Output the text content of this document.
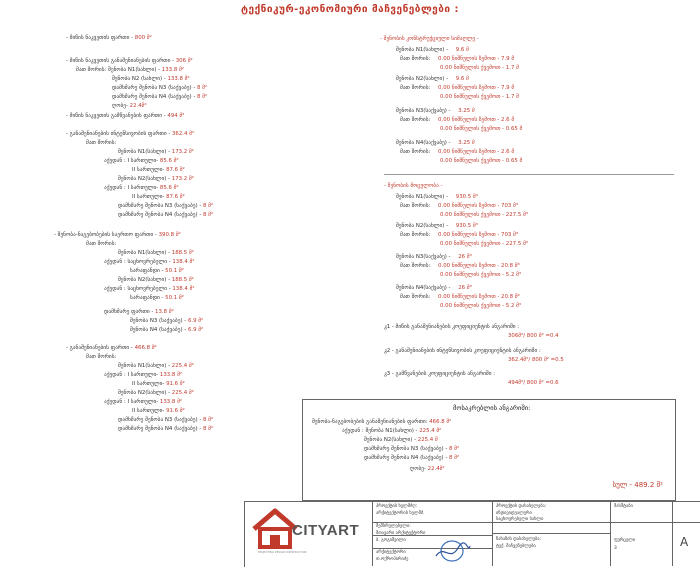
ტექნიკურ-ეკონომიური მაჩვენებლები :
- მიწის ნაკვეთის ფართი - 800 მ²
- მიწის ნაკვეთის განაშენიანების ფართი - 306 მ²
მათ შორის: შენობა N1(სახლი) - 133.8 მ²
შენობა N2 (სახლი) - 133.8 მ²
დამხმარე შენობა N3 (საქვაბე) - 8 მ²
დამხმარე შენობა N4 (საქვაბე) - 8 მ²
ღობე- 22.4მ²
- მიწის ნაკვეთის გამწვანების ფართი - 494 მ²
- განაშენიანების ინტენსივობის ფართი - 362.4 მ²
მათ შორის:
შენობა N1(სახლი) - 173.2 მ²
აქედან : I სართული- 85.6 მ²
II სართული- 87.6 მ²
შენობა N2(სახლი) - 173.2 მ²
აქედან : I სართული- 85.6 მ²
II სართული- 87.6 მ²
დამხმარე შენობა N3 (საქვაბე) - 8 მ²
დამხმარე შენობა N4 (საქვაბე) - 8 მ²
- შენობა-ნაგებობების საერთო ფართი - 390.8 მ²
მათ შორის:
შენობა N1(სახლი) - 188.5 მ²
აქედან : საცხოვრებელი - 138.4 მ²
სარაფანდი - 50.1 მ²
შენობა N2(სახლი) - 188.5 მ²
აქედან : საცხოვრებელი - 138.4 მ²
სარაფანდი - 50.1 მ²
დამხმარე ფართი - 13.8 მ²
შენობა N3 (საქვაბე) - 6.9 მ²
შენობა N4 (საქვაბე) - 6.9 მ²
- განაშენიანების ფართი - 466.8 მ²
მათ შორის:
შენობა N1(სახლი) - 225.4 მ²
აქედან : I სართული- 133.8 მ²
II სართული- 91.6 მ²
შენობა N2(სახლი) - 225.4 მ²
აქედან : I სართული- 133.8 მ²
II სართული- 91.6 მ²
დამხმარე შენობა N3 (საქვაბე) - 8 მ²
დამხმარე შენობა N4 (საქვაბე) - 8 მ²
- შენობის კონსტრუქციული სიმაღლე -
შენობა N1(სახლი) - 9.6 მ
მათ შორის: 0.00 ნიშნულის ზემოთ - 7.9 მ
0.00 ნიშნულის ქვემოთ - 1.7 მ
შენობა N2(სახლი) - 9.6 მ
მათ შორის: 0.00 ნიშნულის ზემოთ - 7.9 მ
0.00 ნიშნულის ქვემოთ - 1.7 მ
შენობა N3(საქვაბე) - 3.25 მ
მათ შორის: 0.00 ნიშნულის ზემოთ - 2.6 მ
0.00 ნიშნულის ქვემოთ - 0.65 მ
შენობა N4(საქვაბე) - 3.25 მ
მათ შორის: 0.00 ნიშნულის ზემოთ - 2.6 მ
0.00 ნიშნულის ქვემოთ - 0.65 მ
- შენობის მოცულობა -
შენობა N1(სახლი) - 930.5 მ³
მათ შორის: 0.00 ნიშნულის ზემოთ - 703 მ³
0.00 ნიშნულის ქვემოთ - 227.5 მ³
შენობა N2(სახლი) - 930.5 მ³
მათ შორის: 0.00 ნიშნულის ზემოთ - 703 მ³
0.00 ნიშნულის ქვემოთ - 227.5 მ³
შენობა N3(საქვაბე) - 26 მ³
მათ შორის: 0.00 ნიშნულის ზემოთ - 20.8 მ³
0.00 ნიშნულის ქვემოთ - 5.2 მ³
შენობა N4(საქვაბე) - 26 მ³
მათ შორის: 0.00 ნიშნულის ზემოთ - 20.8 მ³
0.00 ნიშნულის ქვემოთ - 5.2 მ³
კ1 - მიწის განაშენიანების კოეფიციენტის ანგარიში :
306მ²/ 800 მ² =0.4
კ2 - განაშენიანების ინტენსივობის კოეფიციენტის ანგარიში :
362.4მ²/ 800 მ² =0.5
კ3 - გამწვანების კოეფიციენტის ანგარიში :
494მ²/ 800 მ² =0.6
მოსაკრებლის ანგარიში:
სულ - 489.2 მ²
შენობა-ნაგებობების განაშენიანების ფართი: 466.8 მ²
აქედან : შენობა N1(სახლი) - 225.4 მ²
შენობა N2(სახლი) - 225.4 მ
დამხმარე შენობა N3 (საქვაბე) - 8 მ²
დამხმარე შენობა N4 (საქვაბე) - 8 მ²
ღობე- 22.4მ²
CITYART
PROJECTING DESIGN CONSTRUCTION
პროექტის ხელმძღ:
არქიტექტორის ხელმძ.
შემსრულებელი:
მთავარი არქიტექტორი
ბ. გოგიშვილი
არქიტექტორი
თ.ოქროპირიძე
პროექტის დასახელება:
ინდივიდუალური
საცხოვრებელი სახლი
ნახაზის დასახელება:
ტექ. მაჩვენებლები
მასშტაბი
ფურცელი
3	A
